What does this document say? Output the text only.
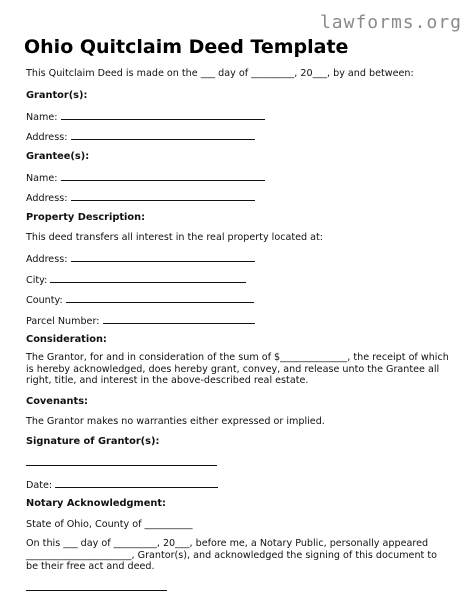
lawforms.org
Ohio Quitclaim Deed Template
This Quitclaim Deed is made on the ___ day of _________, 20___, by and between:
Grantor(s):
Name:
Address:
Grantee(s):
Name:
Address:
Property Description:
This deed transfers all interest in the real property located at:
Address:
City:
County:
Parcel Number:
Consideration:

The Grantor, for and in consideration of the sum of $______________, the receipt of which is hereby acknowledged, does hereby grant, convey, and release unto the Grantee all right, title, and interest in the above-described real estate.

Covenants:
The Grantor makes no warranties either expressed or implied.
Signature of Grantor(s):
Date:
Notary Acknowledgment:
State of Ohio, County of __________

On this ___ day of _________, 20___, before me, a Notary Public, personally appeared ______________________, Grantor(s), and acknowledged the signing of this document to be their free act and deed.
